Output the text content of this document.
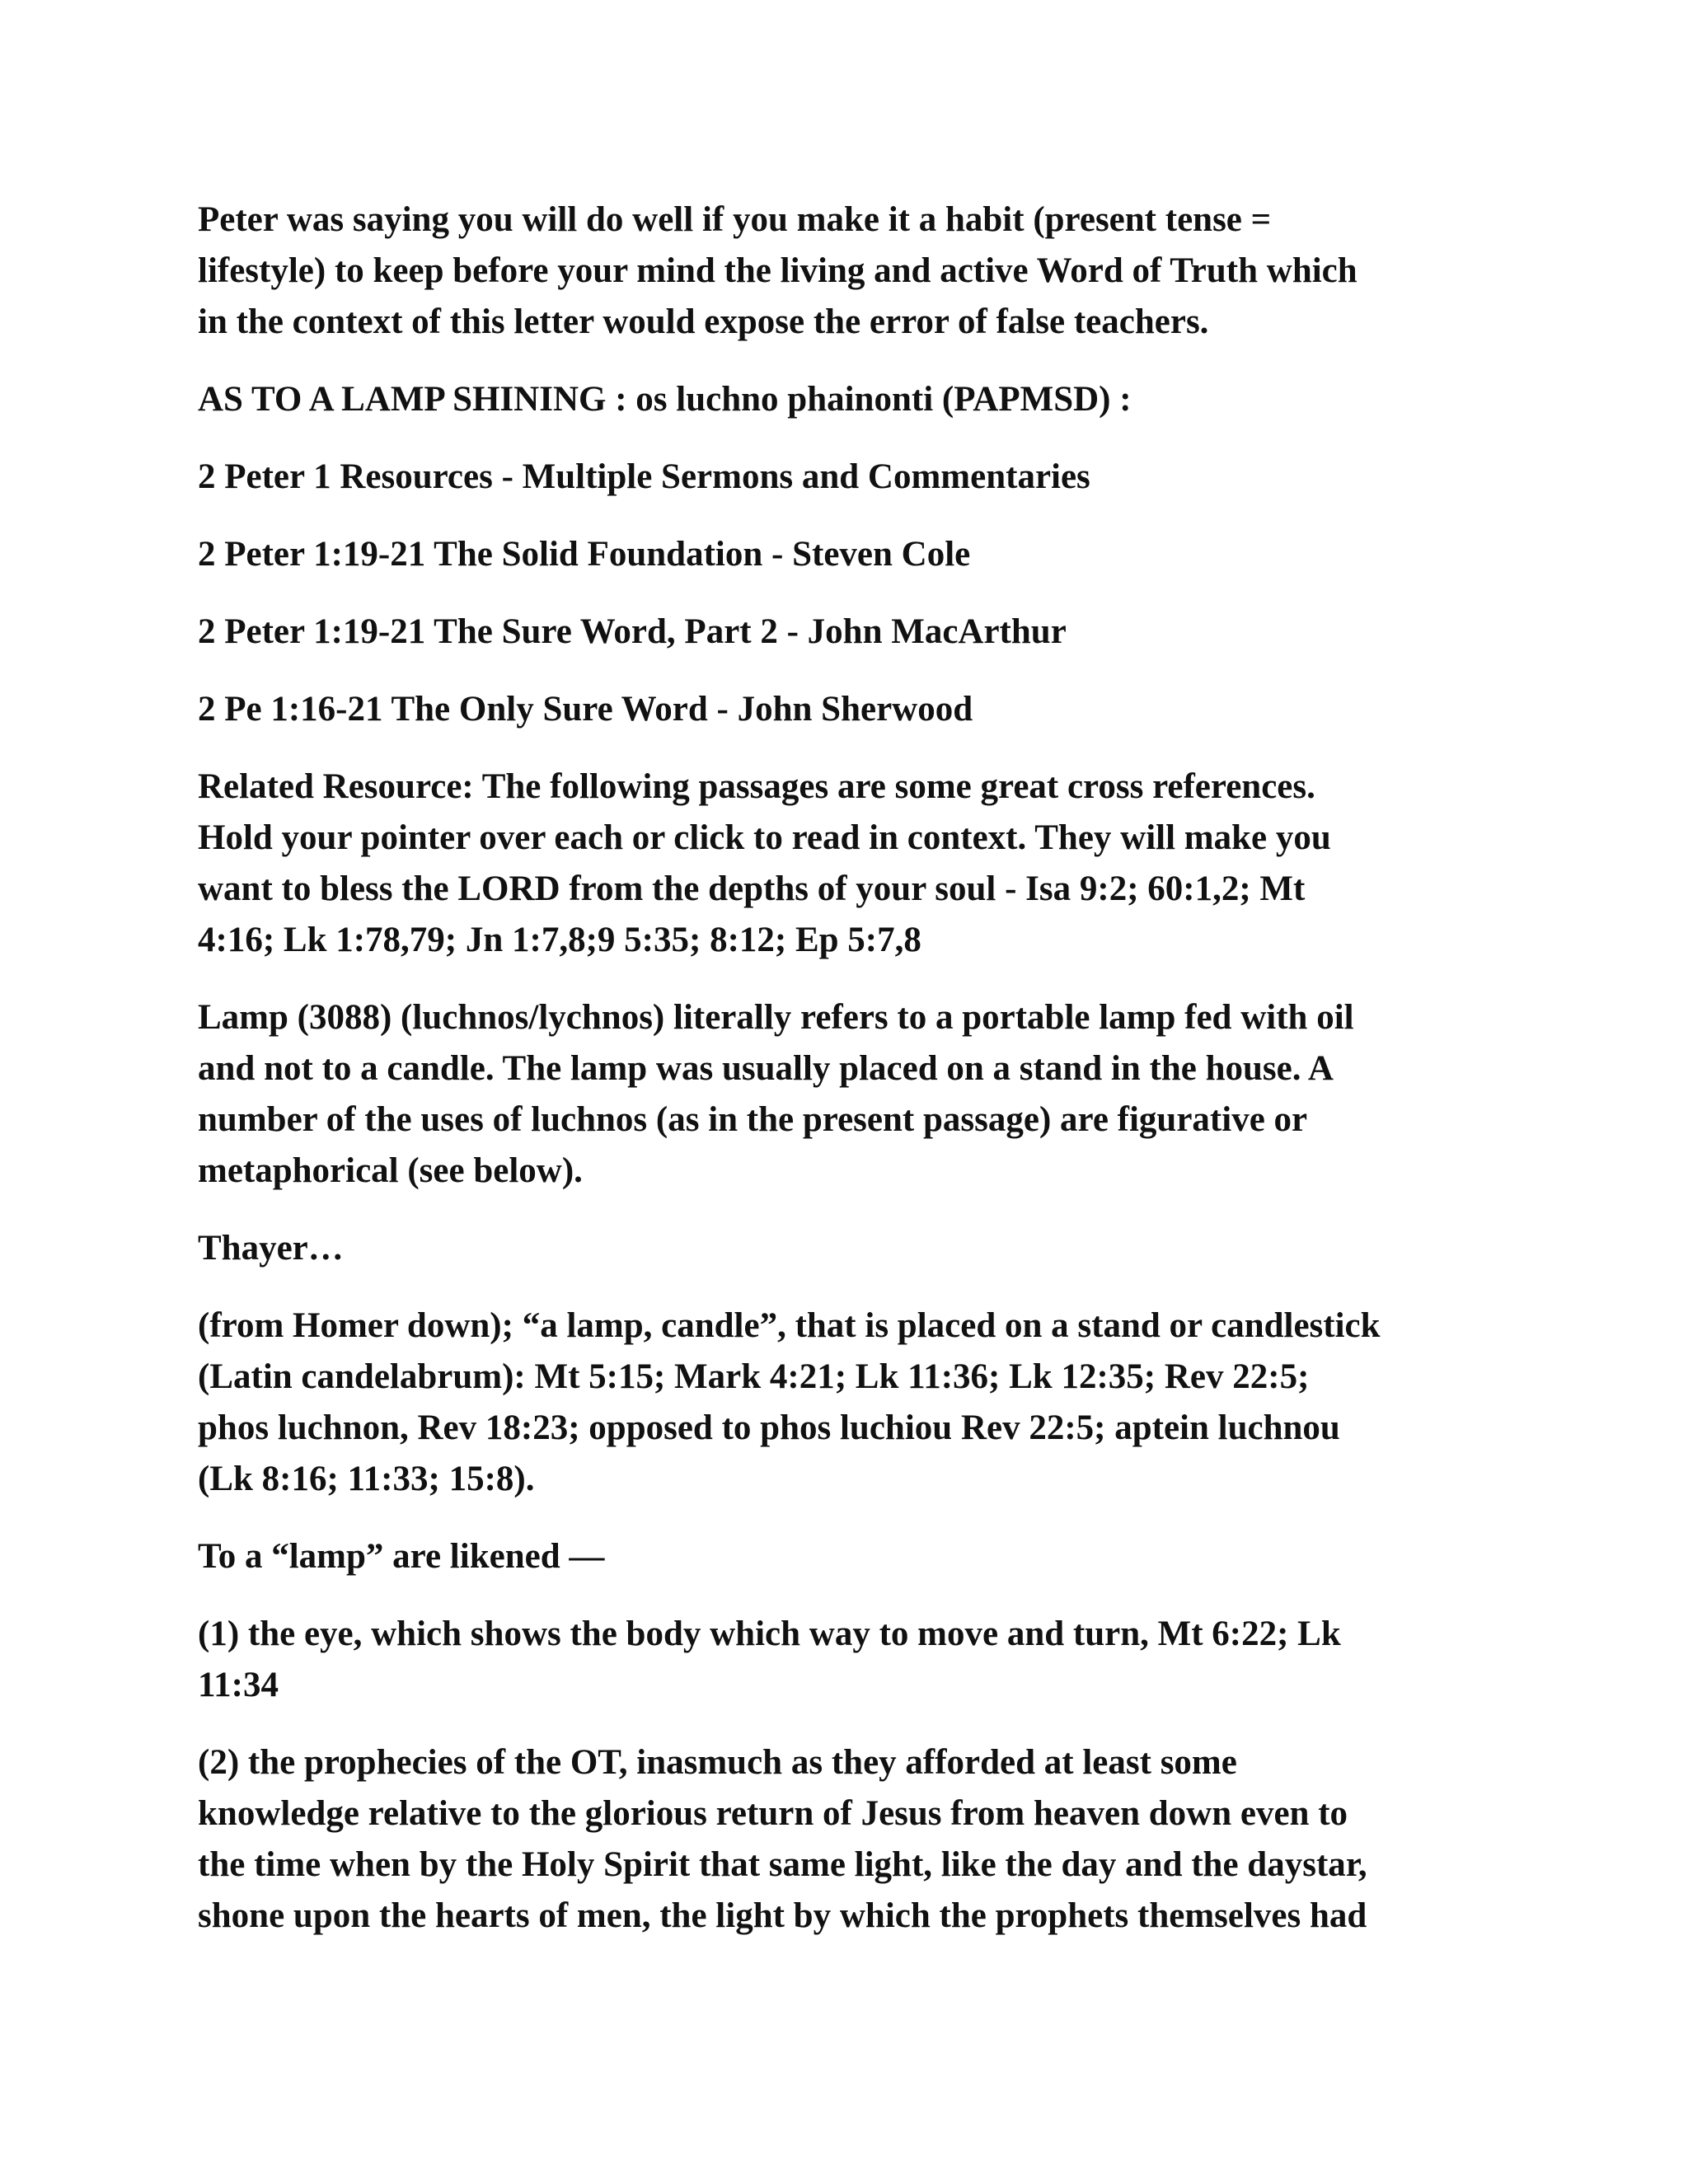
Peter was saying you will do well if you make it a habit (present tense =
lifestyle) to keep before your mind the living and active Word of Truth which
in the context of this letter would expose the error of false teachers.

AS TO A LAMP SHINING : os luchno phainonti (PAPMSD) :

2 Peter 1 Resources - Multiple Sermons and Commentaries

2 Peter 1:19-21 The Solid Foundation - Steven Cole

2 Peter 1:19-21 The Sure Word, Part 2 - John MacArthur

2 Pe 1:16-21 The Only Sure Word - John Sherwood

Related Resource: The following passages are some great cross references.
Hold your pointer over each or click to read in context. They will make you
want to bless the LORD from the depths of your soul - Isa 9:2; 60:1,2; Mt
4:16; Lk 1:78,79; Jn 1:7,8;9 5:35; 8:12; Ep 5:7,8

Lamp (3088) (luchnos/lychnos) literally refers to a portable lamp fed with oil
and not to a candle. The lamp was usually placed on a stand in the house. A
number of the uses of luchnos (as in the present passage) are figurative or
metaphorical (see below).

Thayer…

(from Homer down); “a lamp, candle”, that is placed on a stand or candlestick
(Latin candelabrum): Mt 5:15; Mark 4:21; Lk 11:36; Lk 12:35; Rev 22:5;
phos luchnon, Rev 18:23; opposed to phos luchiou Rev 22:5; aptein luchnou
(Lk 8:16; 11:33; 15:8).

To a “lamp” are likened —

(1) the eye, which shows the body which way to move and turn, Mt 6:22; Lk
11:34

(2) the prophecies of the OT, inasmuch as they afforded at least some
knowledge relative to the glorious return of Jesus from heaven down even to
the time when by the Holy Spirit that same light, like the day and the daystar,
shone upon the hearts of men, the light by which the prophets themselves had
